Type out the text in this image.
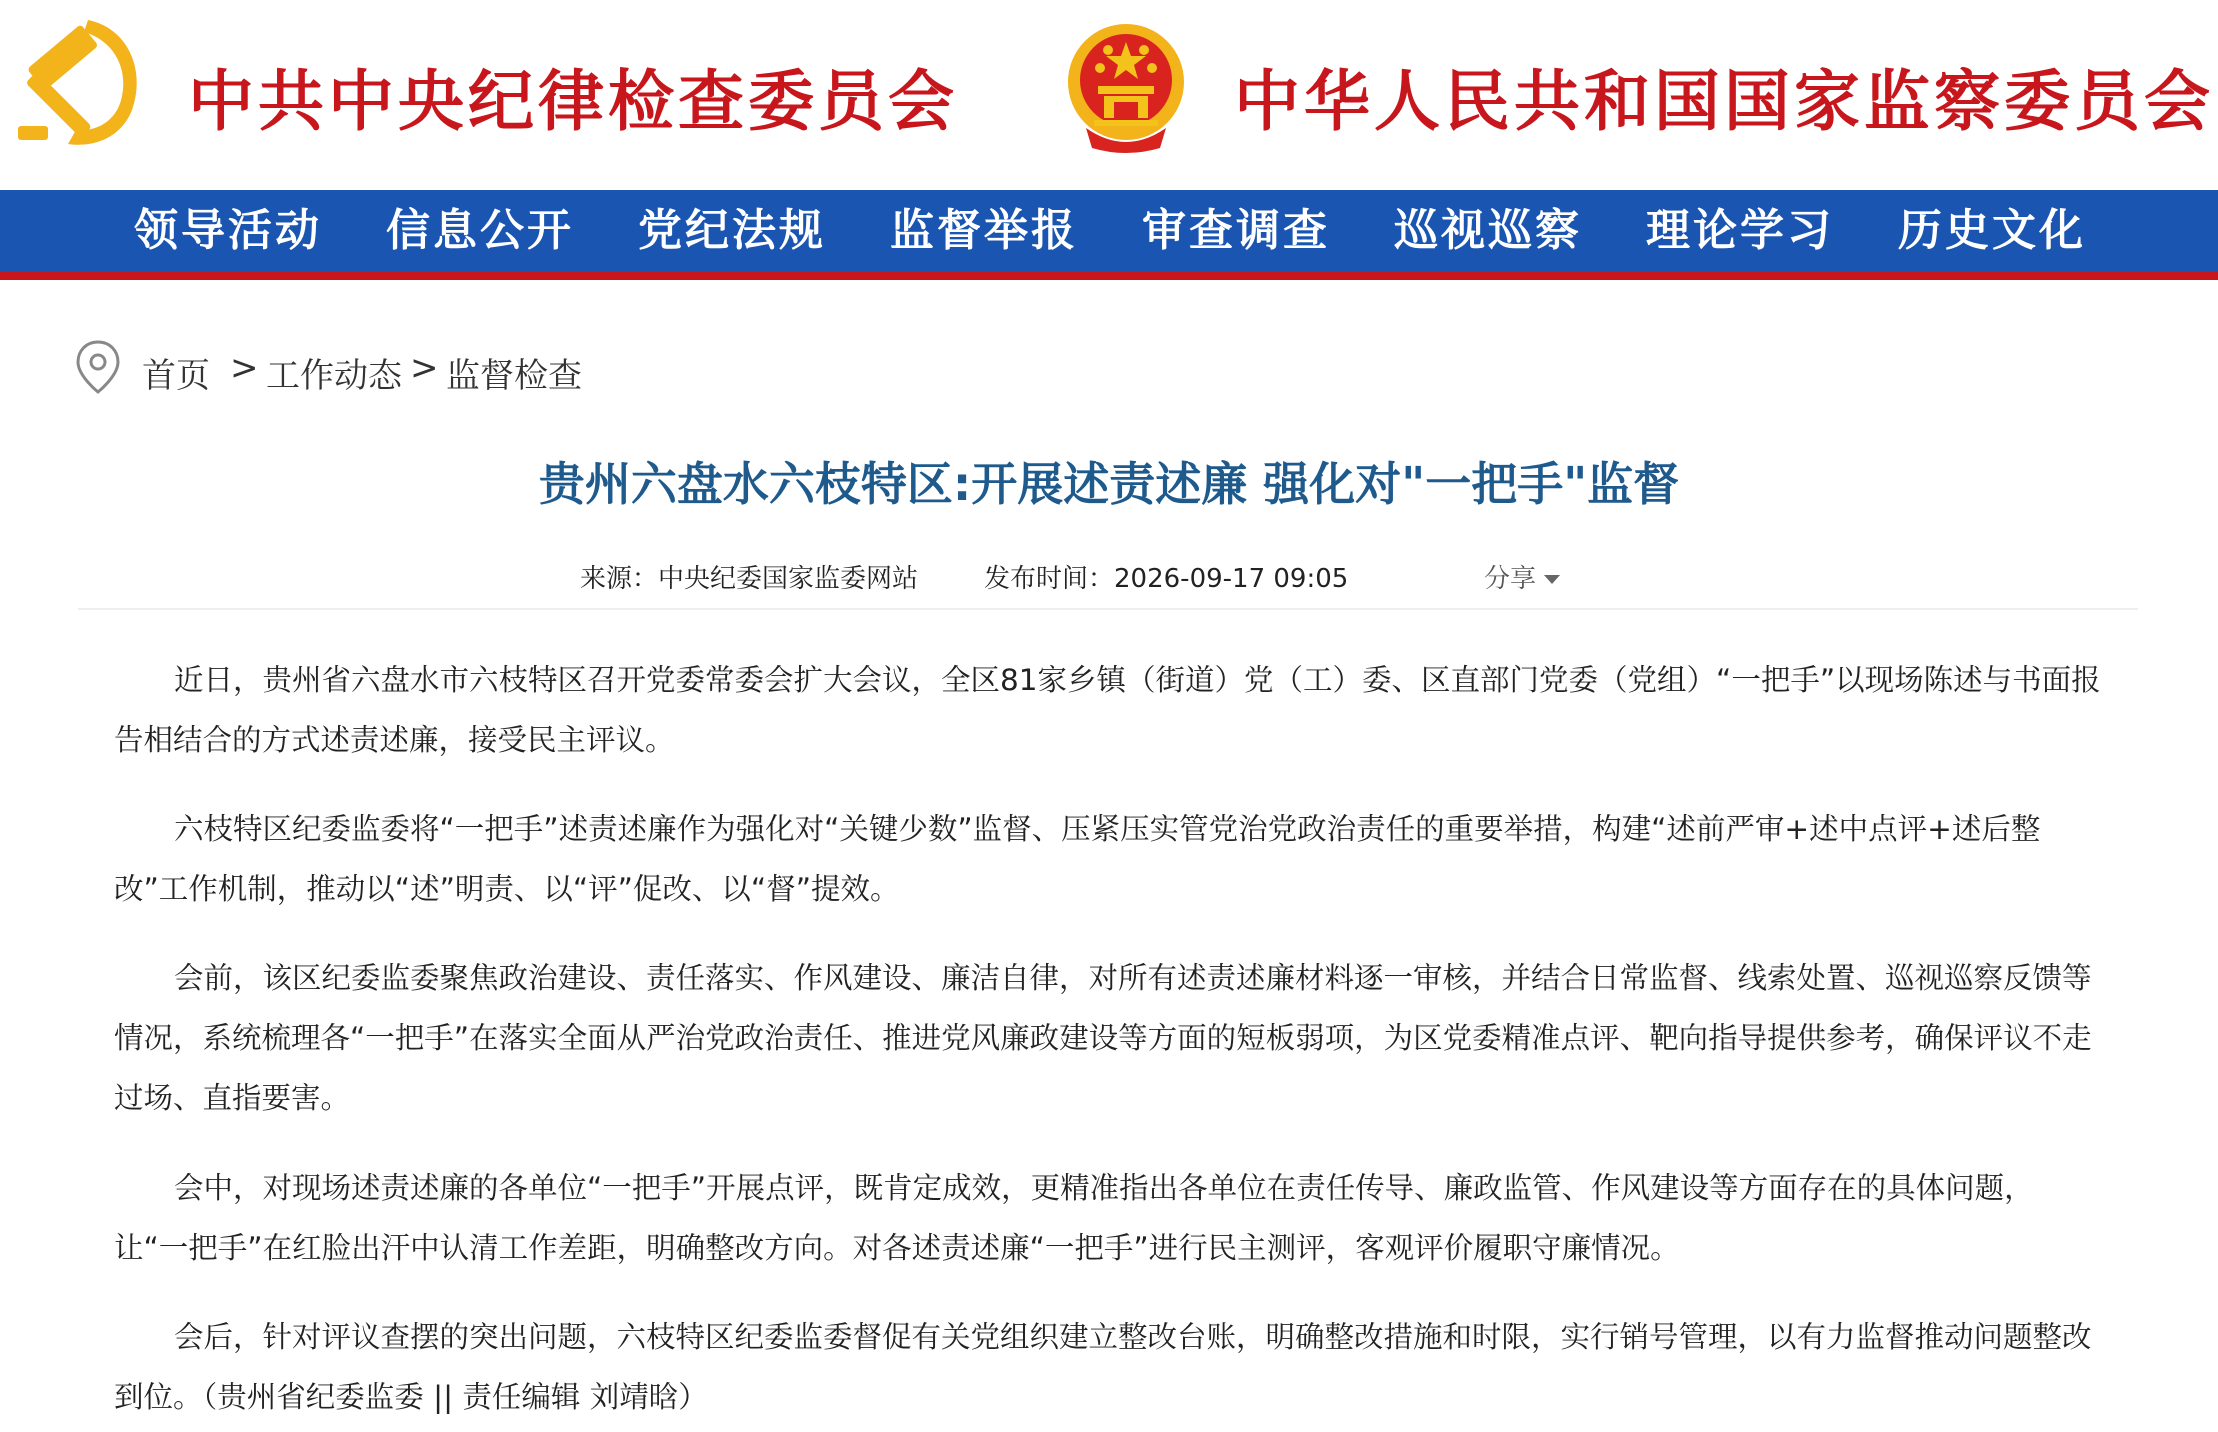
中共中央纪律检查委员会	中华人民共和国国家监察委员会
领导活动 信息公开 党纪法规 监督举报 审查调查 巡视巡察 理论学习 历史文化
首页 > 工作动态 > 监督检查
贵州六盘水六枝特区:开展述责述廉 强化对"一把手"监督
来源：中央纪委国家监委网站	发布时间：2026-09-17 09:05	分享

近日，贵州省六盘水市六枝特区召开党委常委会扩大会议，全区81家乡镇（街道）党（工）委、区直部门党委（党组）“一把手”以现场陈述与书面报告相结合的方式述责述廉，接受民主评议。

六枝特区纪委监委将“一把手”述责述廉作为强化对“关键少数”监督、压紧压实管党治党政治责任的重要举措，构建“述前严审+述中点评+述后整改”工作机制，推动以“述”明责、以“评”促改、以“督”提效。

会前，该区纪委监委聚焦政治建设、责任落实、作风建设、廉洁自律，对所有述责述廉材料逐一审核，并结合日常监督、线索处置、巡视巡察反馈等情况，系统梳理各“一把手”在落实全面从严治党政治责任、推进党风廉政建设等方面的短板弱项，为区党委精准点评、靶向指导提供参考，确保评议不走过场、直指要害。

会中，对现场述责述廉的各单位“一把手”开展点评，既肯定成效，更精准指出各单位在责任传导、廉政监管、作风建设等方面存在的具体问题，让“一把手”在红脸出汗中认清工作差距，明确整改方向。对各述责述廉“一把手”进行民主测评，客观评价履职守廉情况。

会后，针对评议查摆的突出问题，六枝特区纪委监委督促有关党组织建立整改台账，明确整改措施和时限，实行销号管理，以有力监督推动问题整改到位。（贵州省纪委监委 || 责任编辑 刘靖晗）
